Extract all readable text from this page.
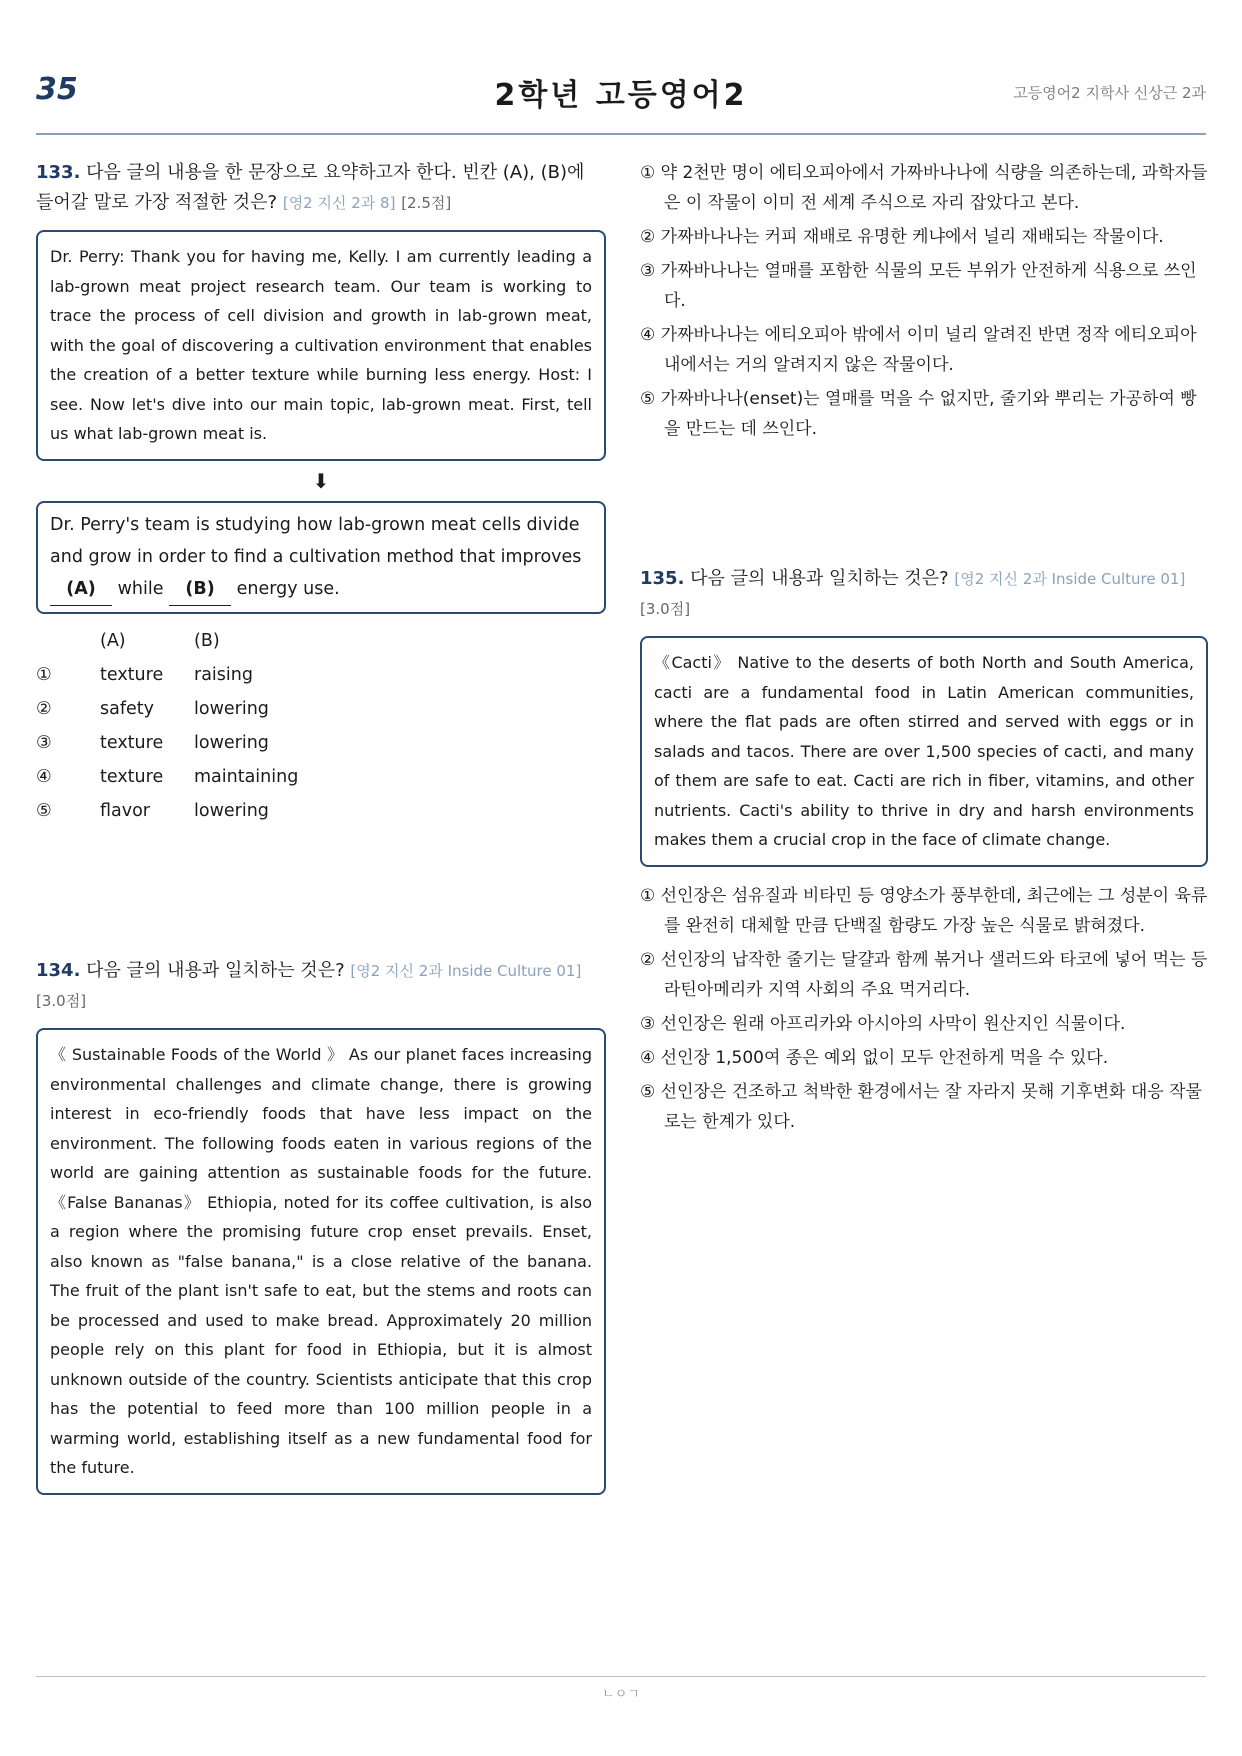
35	2학년 고등영어2	고등영어2 지학사 신상근 2과

133. 다음 글의 내용을 한 문장으로 요약하고자 한다. 빈칸 (A), (B)에 들어갈 말로 가장 적절한 것은? [영2 지신 2과 8] [2.5점]

Dr. Perry: Thank you for having me, Kelly. I am currently leading a lab-grown meat project research team. Our team is working to trace the process of cell division and growth in lab-grown meat, with the goal of discovering a cultivation environment that enables the creation of a better texture while burning less energy. Host: I see. Now let's dive into our main topic, lab-grown meat. First, tell us what lab-grown meat is.
⬇
Dr. Perry's team is studying how lab-grown meat cells divide and grow in order to find a cultivation method that improves (A) while (B) energy use.
	(A)	(B)
①	texture	raising
②	safety	lowering
③	texture	lowering
④	texture	maintaining
⑤	flavor	lowering

134. 다음 글의 내용과 일치하는 것은? [영2 지신 2과 Inside Culture 01] [3.0점]

《 Sustainable Foods of the World 》 As our planet faces increasing environmental challenges and climate change, there is growing interest in eco-friendly foods that have less impact on the environment. The following foods eaten in various regions of the world are gaining attention as sustainable foods for the future. 《False Bananas》 Ethiopia, noted for its coffee cultivation, is also a region where the promising future crop enset prevails. Enset, also known as "false banana," is a close relative of the banana. The fruit of the plant isn't safe to eat, but the stems and roots can be processed and used to make bread. Approximately 20 million people rely on this plant for food in Ethiopia, but it is almost unknown outside of the country. Scientists anticipate that this crop has the potential to feed more than 100 million people in a warming world, establishing itself as a new fundamental food for the future.
① 약 2천만 명이 에티오피아에서 가짜바나나에 식량을 의존하는데, 과학자들은 이 작물이 이미 전 세계 주식으로 자리 잡았다고 본다.
② 가짜바나나는 커피 재배로 유명한 케냐에서 널리 재배되는 작물이다.
③ 가짜바나나는 열매를 포함한 식물의 모든 부위가 안전하게 식용으로 쓰인다.
④ 가짜바나나는 에티오피아 밖에서 이미 널리 알려진 반면 정작 에티오피아 내에서는 거의 알려지지 않은 작물이다.
⑤ 가짜바나나(enset)는 열매를 먹을 수 없지만, 줄기와 뿌리는 가공하여 빵을 만드는 데 쓰인다.

135. 다음 글의 내용과 일치하는 것은? [영2 지신 2과 Inside Culture 01] [3.0점]

《Cacti》 Native to the deserts of both North and South America, cacti are a fundamental food in Latin American communities, where the flat pads are often stirred and served with eggs or in salads and tacos. There are over 1,500 species of cacti, and many of them are safe to eat. Cacti are rich in fiber, vitamins, and other nutrients. Cacti's ability to thrive in dry and harsh environments makes them a crucial crop in the face of climate change.
① 선인장은 섬유질과 비타민 등 영양소가 풍부한데, 최근에는 그 성분이 육류를 완전히 대체할 만큼 단백질 함량도 가장 높은 식물로 밝혀졌다.
② 선인장의 납작한 줄기는 달걀과 함께 볶거나 샐러드와 타코에 넣어 먹는 등 라틴아메리카 지역 사회의 주요 먹거리다.
③ 선인장은 원래 아프리카와 아시아의 사막이 원산지인 식물이다.
④ 선인장 1,500여 종은 예외 없이 모두 안전하게 먹을 수 있다.
⑤ 선인장은 건조하고 척박한 환경에서는 잘 자라지 못해 기후변화 대응 작물로는 한계가 있다.
ㄴㅇㄱ
